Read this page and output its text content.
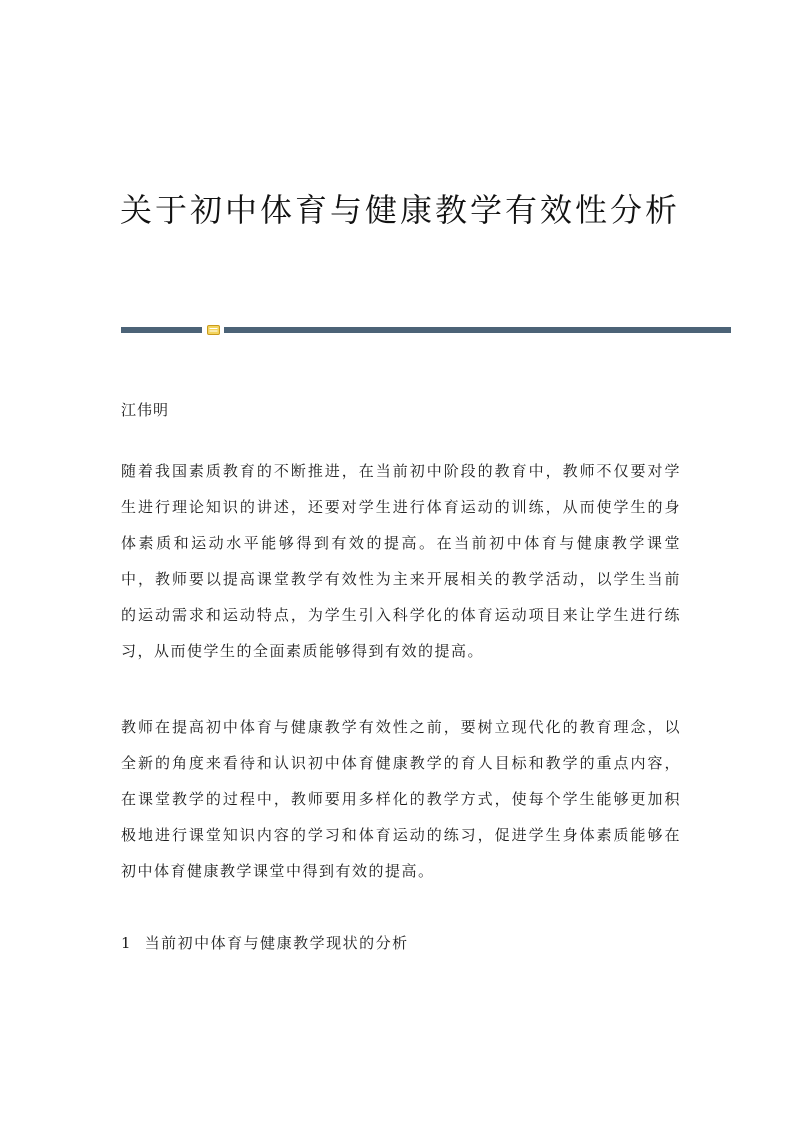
关于初中体育与健康教学有效性分析
江伟明

随着我国素质教育的不断推进，在当前初中阶段的教育中，教师不仅要对学生进行理论知识的讲述，还要对学生进行体育运动的训练，从而使学生的身体素质和运动水平能够得到有效的提高。在当前初中体育与健康教学课堂中，教师要以提高课堂教学有效性为主来开展相关的教学活动，以学生当前的运动需求和运动特点，为学生引入科学化的体育运动项目来让学生进行练习，从而使学生的全面素质能够得到有效的提高。

教师在提高初中体育与健康教学有效性之前，要树立现代化的教育理念，以全新的角度来看待和认识初中体育健康教学的育人目标和教学的重点内容，在课堂教学的过程中，教师要用多样化的教学方式，使每个学生能够更加积极地进行课堂知识内容的学习和体育运动的练习，促进学生身体素质能够在初中体育健康教学课堂中得到有效的提高。

1  当前初中体育与健康教学现状的分析
